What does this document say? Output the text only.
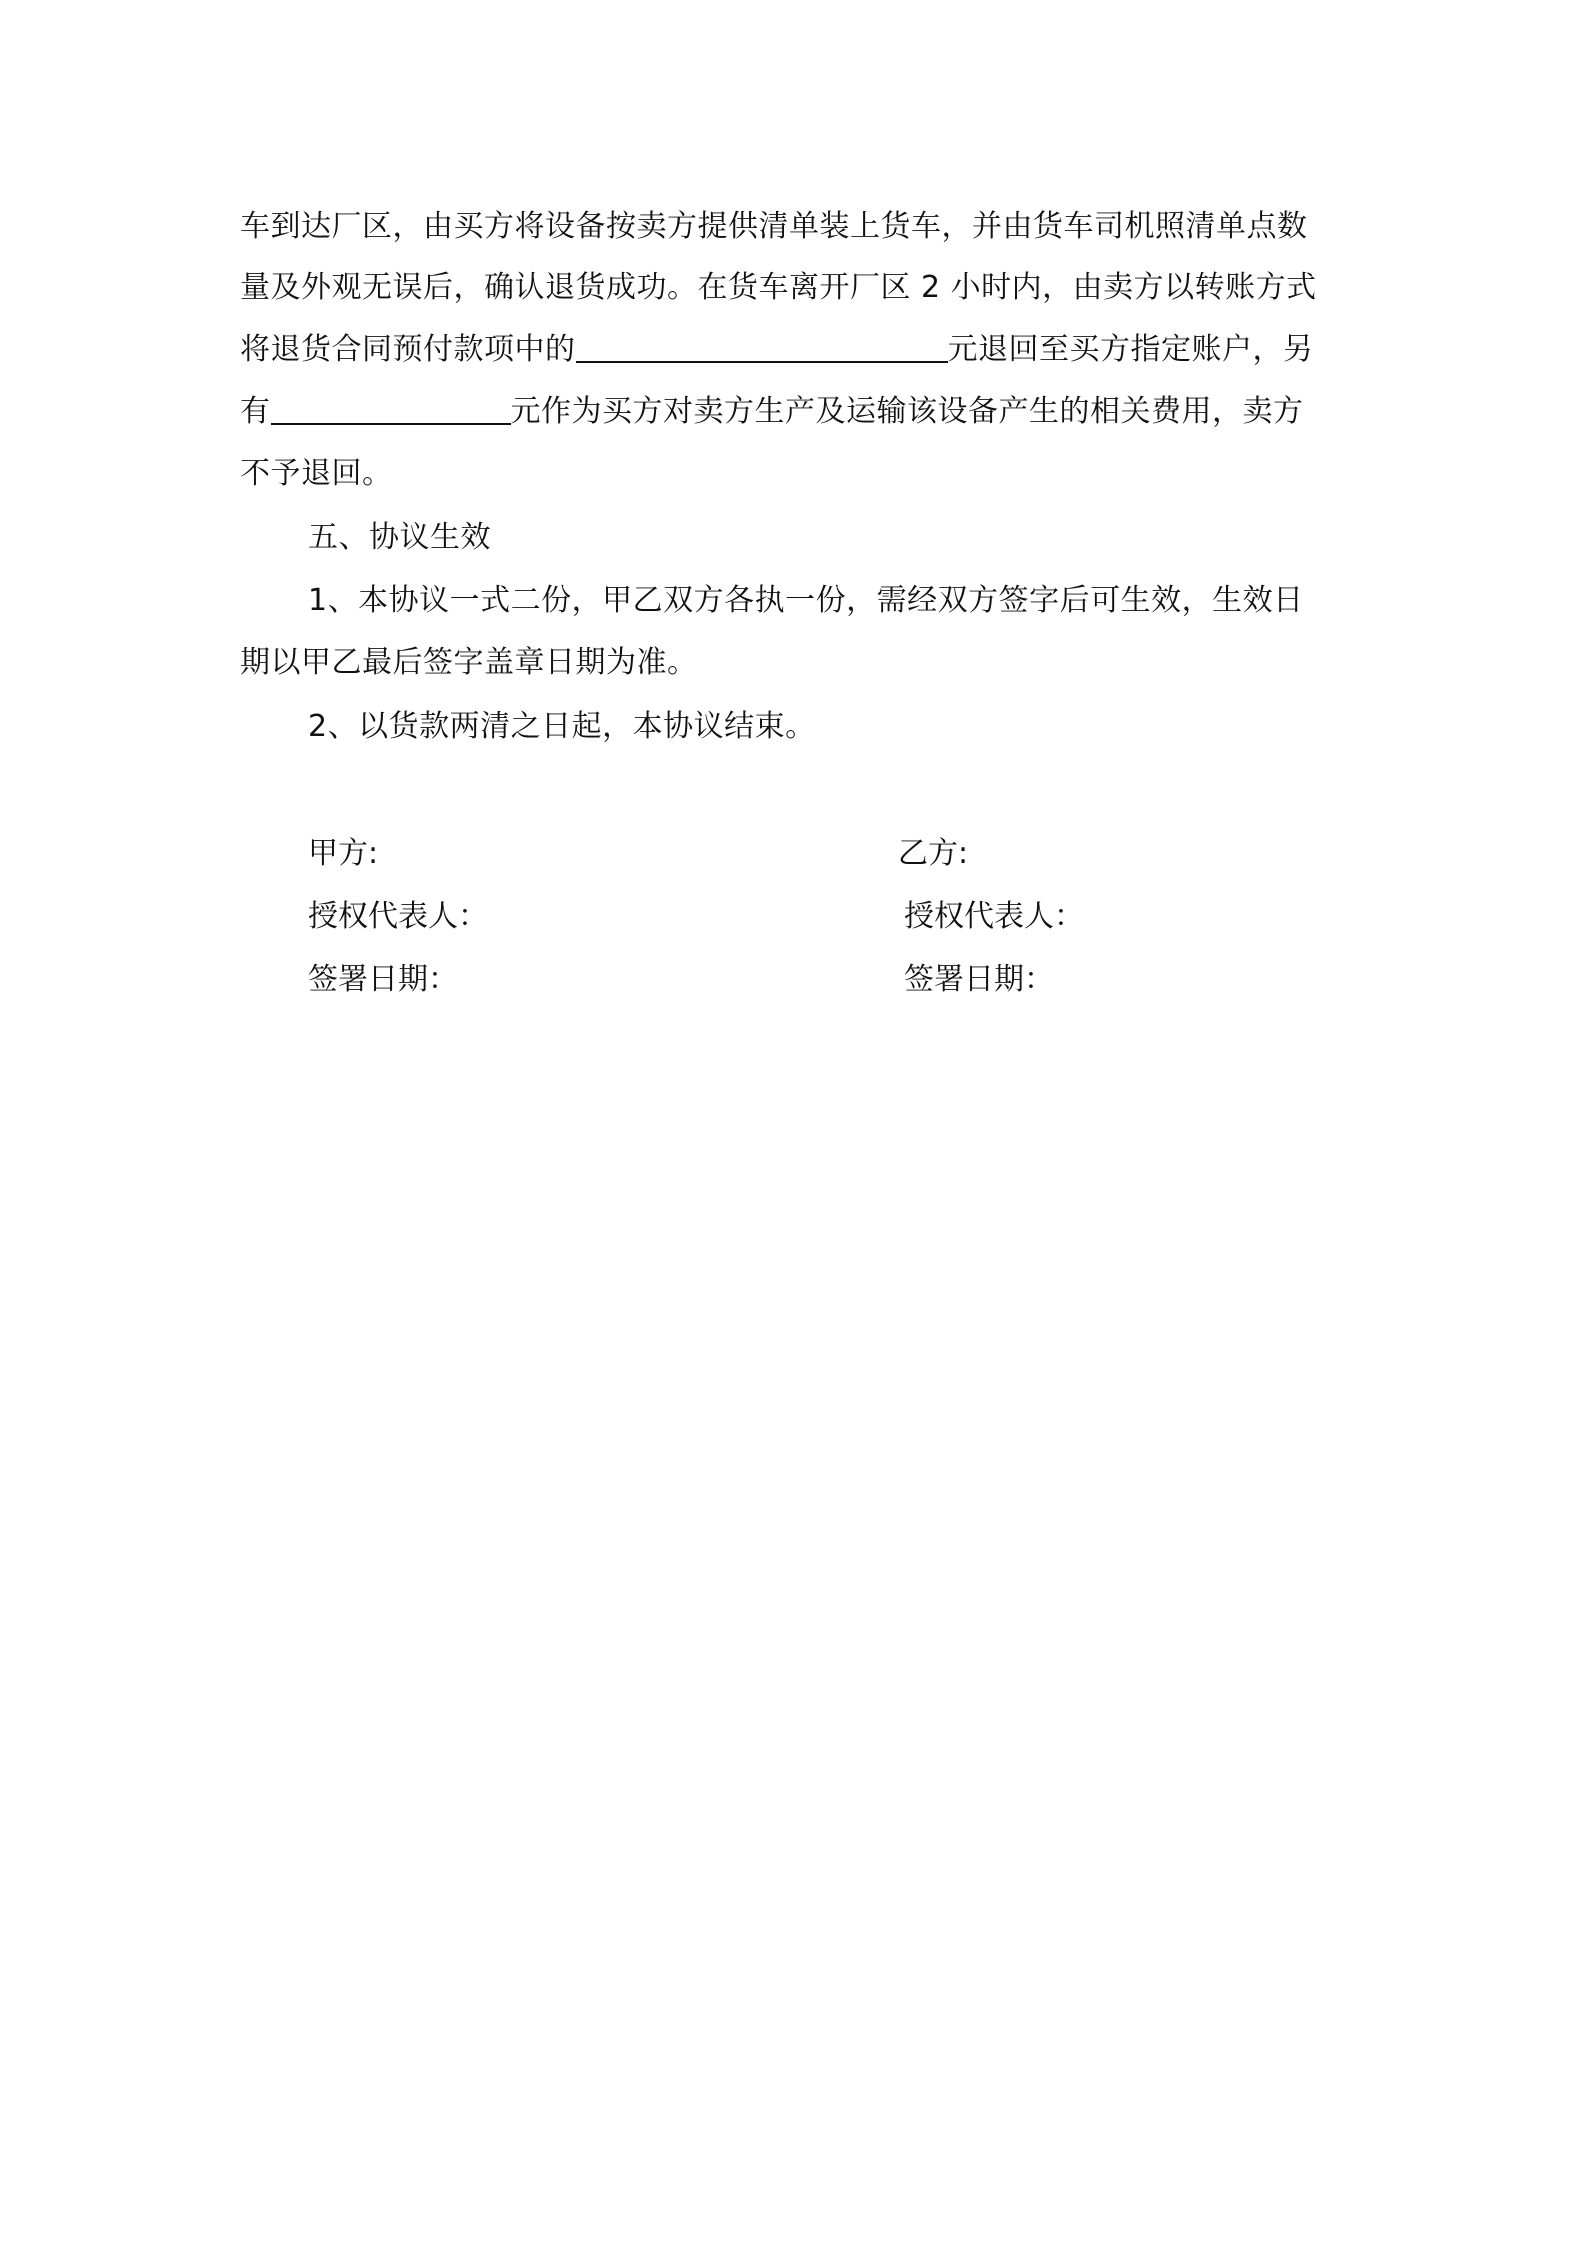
车到达厂区，由买方将设备按卖方提供清单装上货车，并由货车司机照清单点数
量及外观无误后，确认退货成功。在货车离开厂区 2 小时内，由卖方以转账方式
将退货合同预付款项中的	元退回至买方指定账户，另
有	元作为买方对卖方生产及运输该设备产生的相关费用，卖方
不予退回。
五、协议生效
1、本协议一式二份，甲乙双方各执一份，需经双方签字后可生效，生效日
期以甲乙最后签字盖章日期为准。
2、以货款两清之日起，本协议结束。
甲方:
授权代表人：
签署日期：
乙方:
授权代表人：
签署日期：
